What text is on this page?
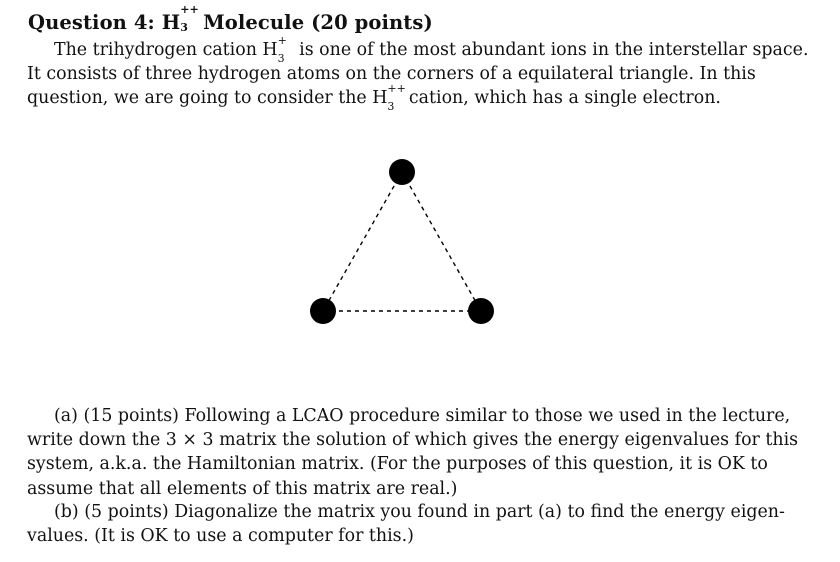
Question 4: H
++
3 Molecule (20 points)
The trihydrogen cation H +
3 is one of the most abundant ions in the interstellar space.
It consists of three hydrogen atoms on the corners of a equilateral triangle. In this
question, we are going to consider the H ++
3 cation, which has a single electron.
(a) (15 points) Following a LCAO procedure similar to those we used in the lecture,
write down the 3 × 3 matrix the solution of which gives the energy eigenvalues for this
system, a.k.a. the Hamiltonian matrix. (For the purposes of this question, it is OK to
assume that all elements of this matrix are real.)
(b) (5 points) Diagonalize the matrix you found in part (a) to find the energy eigen-
values. (It is OK to use a computer for this.)
